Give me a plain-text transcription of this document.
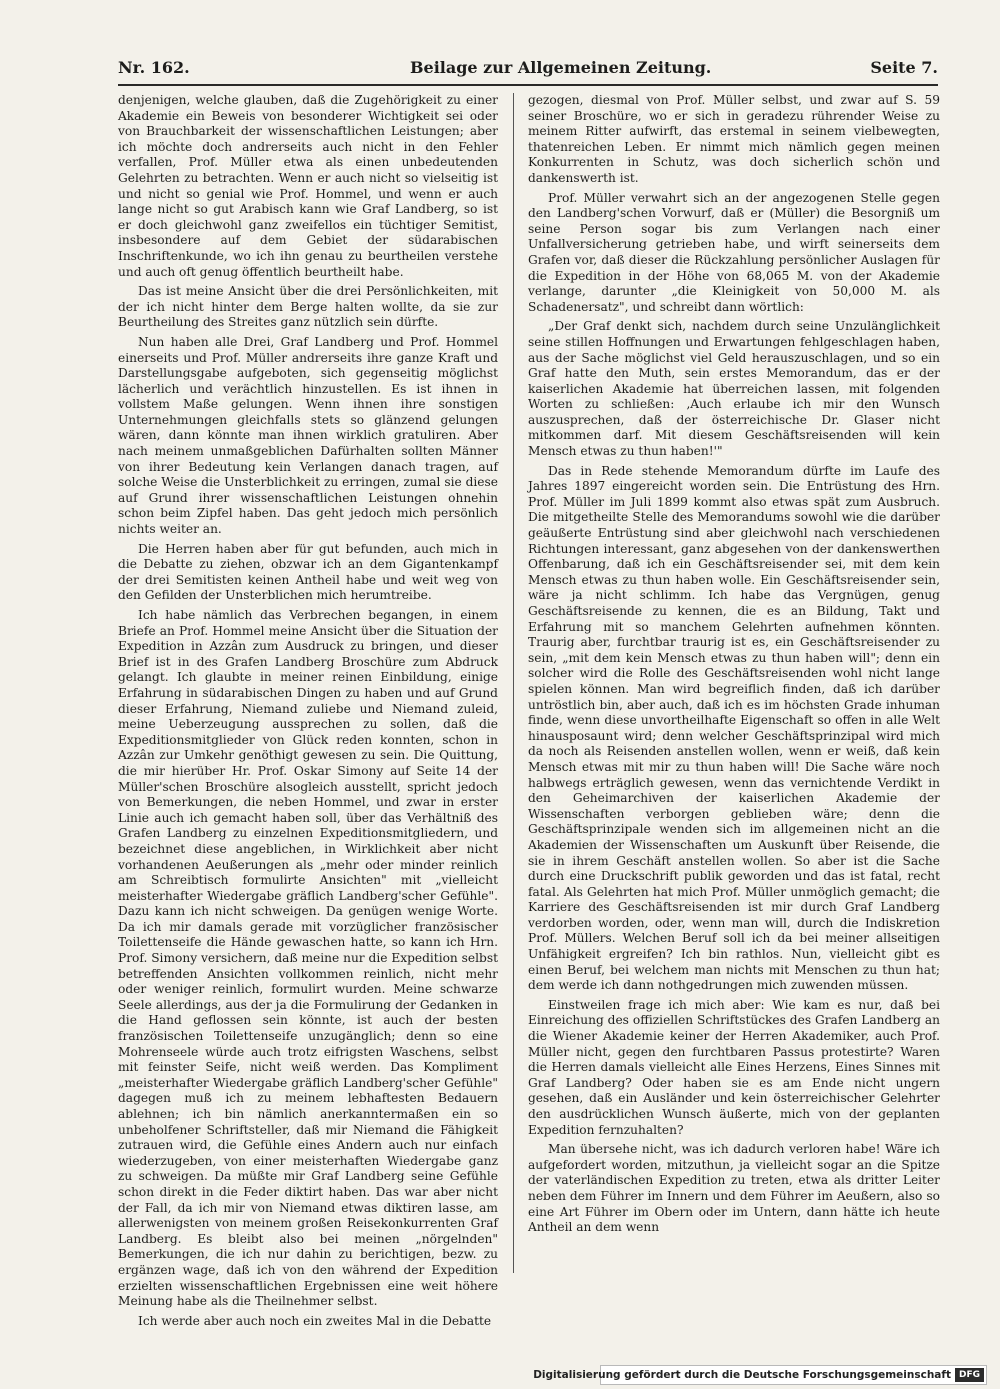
Nr. 162.	Beilage zur Allgemeinen Zeitung.	Seite 7.

denjenigen, welche glauben, daß die Zugehörigkeit zu einer Akademie ein Beweis von besonderer Wichtigkeit sei oder von Brauchbarkeit der wissenschaftlichen Leistungen; aber ich möchte doch andrerseits auch nicht in den Fehler verfallen, Prof. Müller etwa als einen unbedeutenden Gelehrten zu betrachten. Wenn er auch nicht so vielseitig ist und nicht so genial wie Prof. Hommel, und wenn er auch lange nicht so gut Arabisch kann wie Graf Landberg, so ist er doch gleichwohl ganz zweifellos ein tüchtiger Semitist, insbesondere auf dem Gebiet der südarabischen Inschriftenkunde, wo ich ihn genau zu beurtheilen verstehe und auch oft genug öffentlich beurtheilt habe.

Das ist meine Ansicht über die drei Persönlichkeiten, mit der ich nicht hinter dem Berge halten wollte, da sie zur Beurtheilung des Streites ganz nützlich sein dürfte.

Nun haben alle Drei, Graf Landberg und Prof. Hommel einerseits und Prof. Müller andrerseits ihre ganze Kraft und Darstellungsgabe aufgeboten, sich gegenseitig möglichst lächerlich und verächtlich hinzustellen. Es ist ihnen in vollstem Maße gelungen. Wenn ihnen ihre sonstigen Unternehmungen gleichfalls stets so glänzend gelungen wären, dann könnte man ihnen wirklich gratuliren. Aber nach meinem unmaßgeblichen Dafürhalten sollten Männer von ihrer Bedeutung kein Verlangen danach tragen, auf solche Weise die Unsterblichkeit zu erringen, zumal sie diese auf Grund ihrer wissenschaftlichen Leistungen ohnehin schon beim Zipfel haben. Das geht jedoch mich persönlich nichts weiter an.

Die Herren haben aber für gut befunden, auch mich in die Debatte zu ziehen, obzwar ich an dem Gigantenkampf der drei Semitisten keinen Antheil habe und weit weg von den Gefilden der Unsterblichen mich herumtreibe.

Ich habe nämlich das Verbrechen begangen, in einem Briefe an Prof. Hommel meine Ansicht über die Situation der Expedition in Azzân zum Ausdruck zu bringen, und dieser Brief ist in des Grafen Landberg Broschüre zum Abdruck gelangt. Ich glaubte in meiner reinen Einbildung, einige Erfahrung in südarabischen Dingen zu haben und auf Grund dieser Erfahrung, Niemand zuliebe und Niemand zuleid, meine Ueberzeugung aussprechen zu sollen, daß die Expeditionsmitglieder von Glück reden konnten, schon in Azzân zur Umkehr genöthigt gewesen zu sein. Die Quittung, die mir hierüber Hr. Prof. Oskar Simony auf Seite 14 der Müller'schen Broschüre alsogleich ausstellt, spricht jedoch von Bemerkungen, die neben Hommel, und zwar in erster Linie auch ich gemacht haben soll, über das Verhältniß des Grafen Landberg zu einzelnen Expeditionsmitgliedern, und bezeichnet diese angeblichen, in Wirklichkeit aber nicht vorhandenen Aeußerungen als „mehr oder minder reinlich am Schreibtisch formulirte Ansichten" mit „vielleicht meisterhafter Wiedergabe gräflich Landberg'scher Gefühle". Dazu kann ich nicht schweigen. Da genügen wenige Worte. Da ich mir damals gerade mit vorzüglicher französischer Toilettenseife die Hände gewaschen hatte, so kann ich Hrn. Prof. Simony versichern, daß meine nur die Expedition selbst betreffenden Ansichten vollkommen reinlich, nicht mehr oder weniger reinlich, formulirt wurden. Meine schwarze Seele allerdings, aus der ja die Formulirung der Gedanken in die Hand geflossen sein könnte, ist auch der besten französischen Toilettenseife unzugänglich; denn so eine Mohrenseele würde auch trotz eifrigsten Waschens, selbst mit feinster Seife, nicht weiß werden. Das Kompliment „meisterhafter Wiedergabe gräflich Landberg'scher Gefühle" dagegen muß ich zu meinem lebhaftesten Bedauern ablehnen; ich bin nämlich anerkanntermaßen ein so unbeholfener Schriftsteller, daß mir Niemand die Fähigkeit zutrauen wird, die Gefühle eines Andern auch nur einfach wiederzugeben, von einer meisterhaften Wiedergabe ganz zu schweigen. Da müßte mir Graf Landberg seine Gefühle schon direkt in die Feder diktirt haben. Das war aber nicht der Fall, da ich mir von Niemand etwas diktiren lasse, am allerwenigsten von meinem großen Reisekonkurrenten Graf Landberg. Es bleibt also bei meinen „nörgelnden" Bemerkungen, die ich nur dahin zu berichtigen, bezw. zu ergänzen wage, daß ich von den während der Expedition erzielten wissenschaftlichen Ergebnissen eine weit höhere Meinung habe als die Theilnehmer selbst.

Ich werde aber auch noch ein zweites Mal in die Debatte

gezogen, diesmal von Prof. Müller selbst, und zwar auf S. 59 seiner Broschüre, wo er sich in geradezu rührender Weise zu meinem Ritter aufwirft, das erstemal in seinem vielbewegten, thatenreichen Leben. Er nimmt mich nämlich gegen meinen Konkurrenten in Schutz, was doch sicherlich schön und dankenswerth ist.

Prof. Müller verwahrt sich an der angezogenen Stelle gegen den Landberg'schen Vorwurf, daß er (Müller) die Besorgniß um seine Person sogar bis zum Verlangen nach einer Unfallversicherung getrieben habe, und wirft seinerseits dem Grafen vor, daß dieser die Rückzahlung persönlicher Auslagen für die Expedition in der Höhe von 68,065 M. von der Akademie verlange, darunter „die Kleinigkeit von 50,000 M. als Schadenersatz", und schreibt dann wörtlich:

„Der Graf denkt sich, nachdem durch seine Unzulänglichkeit seine stillen Hoffnungen und Erwartungen fehlgeschlagen haben, aus der Sache möglichst viel Geld herauszuschlagen, und so ein Graf hatte den Muth, sein erstes Memorandum, das er der kaiserlichen Akademie hat überreichen lassen, mit folgenden Worten zu schließen: ‚Auch erlaube ich mir den Wunsch auszusprechen, daß der österreichische Dr. Glaser nicht mitkommen darf. Mit diesem Geschäftsreisenden will kein Mensch etwas zu thun haben!'"

Das in Rede stehende Memorandum dürfte im Laufe des Jahres 1897 eingereicht worden sein. Die Entrüstung des Hrn. Prof. Müller im Juli 1899 kommt also etwas spät zum Ausbruch. Die mitgetheilte Stelle des Memorandums sowohl wie die darüber geäußerte Entrüstung sind aber gleichwohl nach verschiedenen Richtungen interessant, ganz abgesehen von der dankenswerthen Offenbarung, daß ich ein Geschäftsreisender sei, mit dem kein Mensch etwas zu thun haben wolle. Ein Geschäftsreisender sein, wäre ja nicht schlimm. Ich habe das Vergnügen, genug Geschäftsreisende zu kennen, die es an Bildung, Takt und Erfahrung mit so manchem Gelehrten aufnehmen könnten. Traurig aber, furchtbar traurig ist es, ein Geschäftsreisender zu sein, „mit dem kein Mensch etwas zu thun haben will"; denn ein solcher wird die Rolle des Geschäftsreisenden wohl nicht lange spielen können. Man wird begreiflich finden, daß ich darüber untröstlich bin, aber auch, daß ich es im höchsten Grade inhuman finde, wenn diese unvortheilhafte Eigenschaft so offen in alle Welt hinausposaunt wird; denn welcher Geschäftsprinzipal wird mich da noch als Reisenden anstellen wollen, wenn er weiß, daß kein Mensch etwas mit mir zu thun haben will! Die Sache wäre noch halbwegs erträglich gewesen, wenn das vernichtende Verdikt in den Geheimarchiven der kaiserlichen Akademie der Wissenschaften verborgen geblieben wäre; denn die Geschäftsprinzipale wenden sich im allgemeinen nicht an die Akademien der Wissenschaften um Auskunft über Reisende, die sie in ihrem Geschäft anstellen wollen. So aber ist die Sache durch eine Druckschrift publik geworden und das ist fatal, recht fatal. Als Gelehrten hat mich Prof. Müller unmöglich gemacht; die Karriere des Geschäftsreisenden ist mir durch Graf Landberg verdorben worden, oder, wenn man will, durch die Indiskretion Prof. Müllers. Welchen Beruf soll ich da bei meiner allseitigen Unfähigkeit ergreifen? Ich bin rathlos. Nun, vielleicht gibt es einen Beruf, bei welchem man nichts mit Menschen zu thun hat; dem werde ich dann nothgedrungen mich zuwenden müssen.

Einstweilen frage ich mich aber: Wie kam es nur, daß bei Einreichung des offiziellen Schriftstückes des Grafen Landberg an die Wiener Akademie keiner der Herren Akademiker, auch Prof. Müller nicht, gegen den furchtbaren Passus protestirte? Waren die Herren damals vielleicht alle Eines Herzens, Eines Sinnes mit Graf Landberg? Oder haben sie es am Ende nicht ungern gesehen, daß ein Ausländer und kein österreichischer Gelehrter den ausdrücklichen Wunsch äußerte, mich von der geplanten Expedition fernzuhalten?

Man übersehe nicht, was ich dadurch verloren habe! Wäre ich aufgefordert worden, mitzuthun, ja vielleicht sogar an die Spitze der vaterländischen Expedition zu treten, etwa als dritter Leiter neben dem Führer im Innern und dem Führer im Aeußern, also so eine Art Führer im Obern oder im Untern, dann hätte ich heute Antheil an dem wenn

Digitalisierung gefördert durch die Deutsche Forschungsgemeinschaft DFG
